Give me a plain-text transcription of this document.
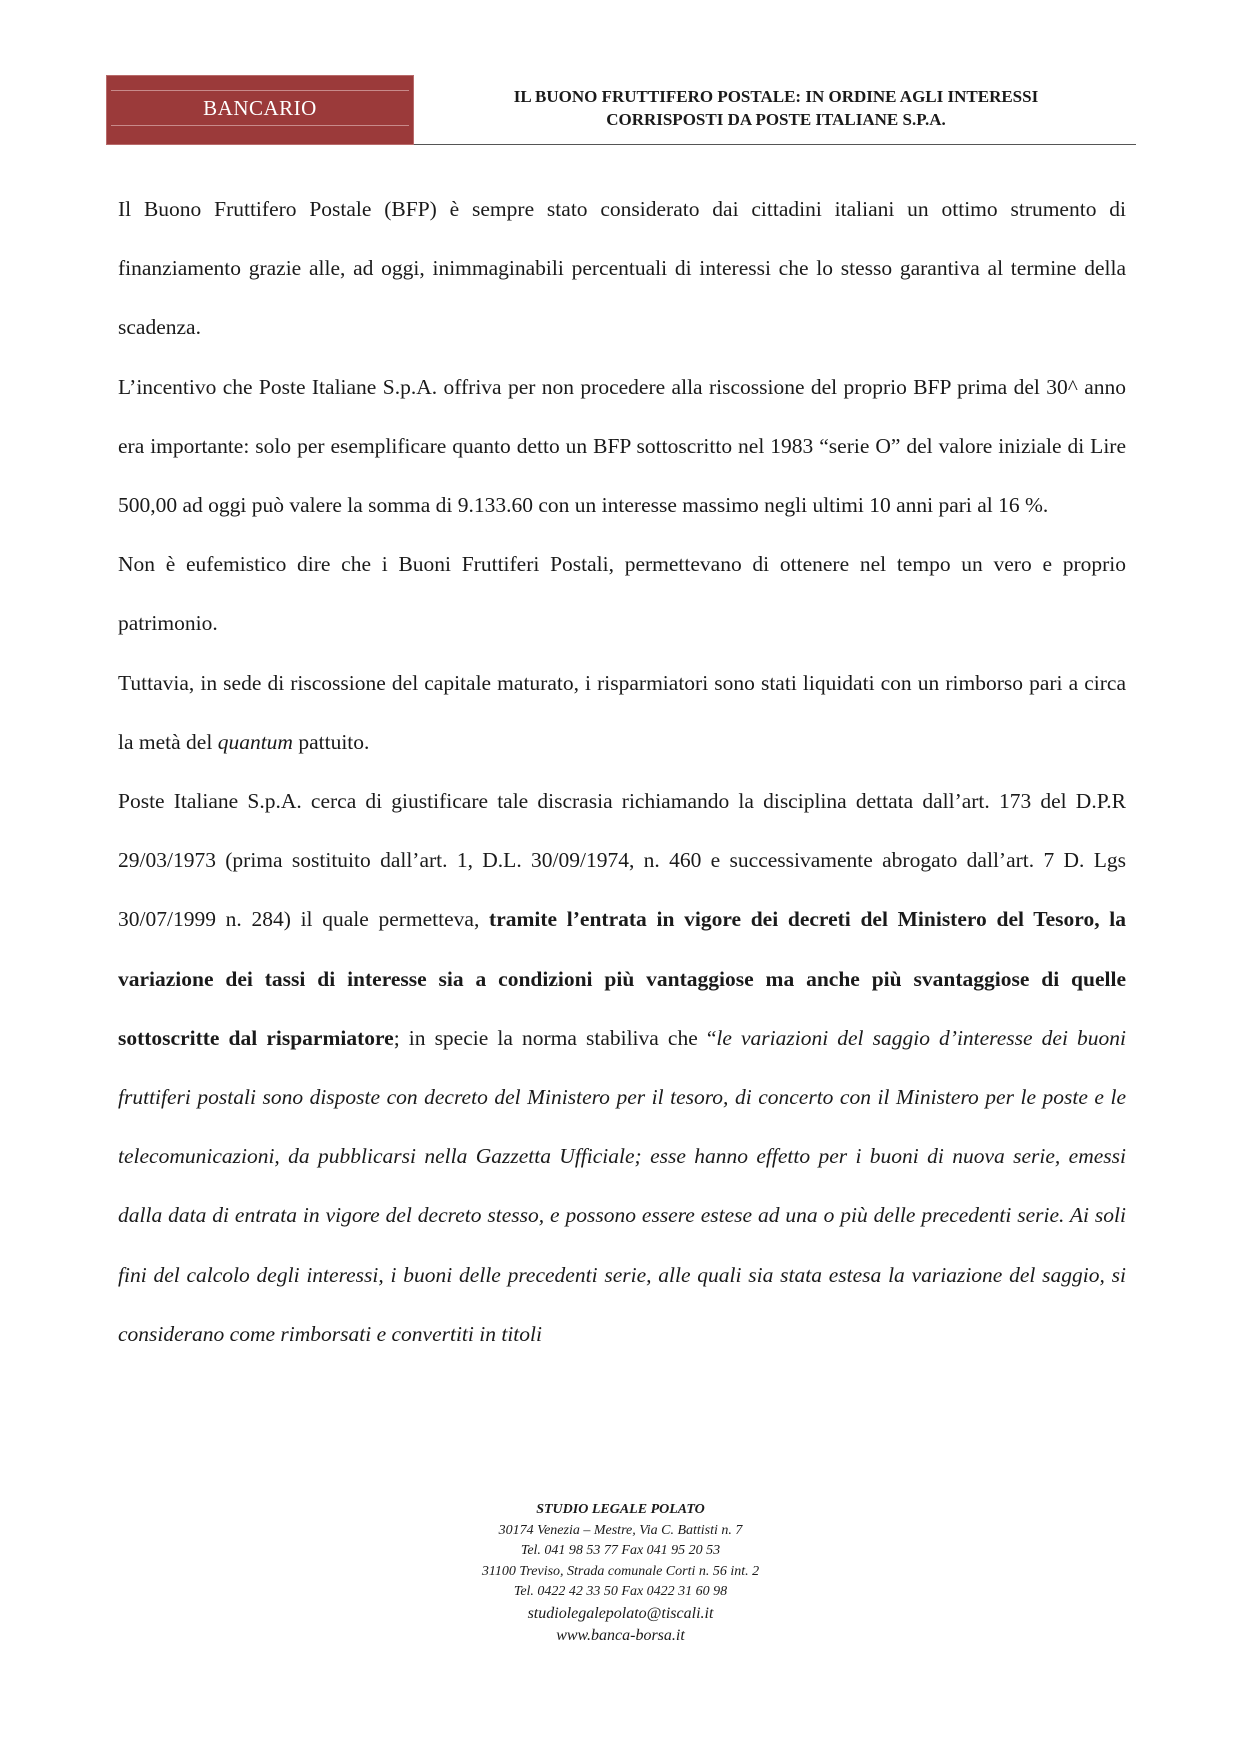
BANCARIO	IL BUONO FRUTTIFERO POSTALE: IN ORDINE AGLI INTERESSI
CORRISPOSTI DA POSTE ITALIANE S.P.A.

Il Buono Fruttifero Postale (BFP) è sempre stato considerato dai cittadini italiani un ottimo strumento di finanziamento grazie alle, ad oggi, inimmaginabili percentuali di interessi che lo stesso garantiva al termine della scadenza.

L’incentivo che Poste Italiane S.p.A. offriva per non procedere alla riscossione del proprio BFP prima del 30^ anno era importante: solo per esemplificare quanto detto un BFP sottoscritto nel 1983 “serie O” del valore iniziale di Lire 500,00 ad oggi può valere la somma di 9.133.60 con un interesse massimo negli ultimi 10 anni pari al 16 %.

Non è eufemistico dire che i Buoni Fruttiferi Postali, permettevano di ottenere nel tempo un vero e proprio patrimonio.

Tuttavia, in sede di riscossione del capitale maturato, i risparmiatori sono stati liquidati con un rimborso pari a circa la metà del quantum pattuito.

Poste Italiane S.p.A. cerca di giustificare tale discrasia richiamando la disciplina dettata dall’art. 173 del D.P.R 29/03/1973 (prima sostituito dall’art. 1, D.L. 30/09/1974, n. 460 e successivamente abrogato dall’art. 7 D. Lgs 30/07/1999 n. 284) il quale permetteva, tramite l’entrata in vigore dei decreti del Ministero del Tesoro, la variazione dei tassi di interesse sia a condizioni più vantaggiose ma anche più svantaggiose di quelle sottoscritte dal risparmiatore; in specie la norma stabiliva che “le variazioni del saggio d’interesse dei buoni fruttiferi postali sono disposte con decreto del Ministero per il tesoro, di concerto con il Ministero per le poste e le telecomunicazioni, da pubblicarsi nella Gazzetta Ufficiale; esse hanno effetto per i buoni di nuova serie, emessi dalla data di entrata in vigore del decreto stesso, e possono essere estese ad una o più delle precedenti serie. Ai soli fini del calcolo degli interessi, i buoni delle precedenti serie, alle quali sia stata estesa la variazione del saggio, si considerano come rimborsati e convertiti in titoli

STUDIO LEGALE POLATO
30174 Venezia – Mestre, Via C. Battisti n. 7
Tel. 041 98 53 77 Fax 041 95 20 53
31100 Treviso, Strada comunale Corti n. 56 int. 2
Tel. 0422 42 33 50 Fax 0422 31 60 98
studiolegalepolato@tiscali.it
www.banca-borsa.it
